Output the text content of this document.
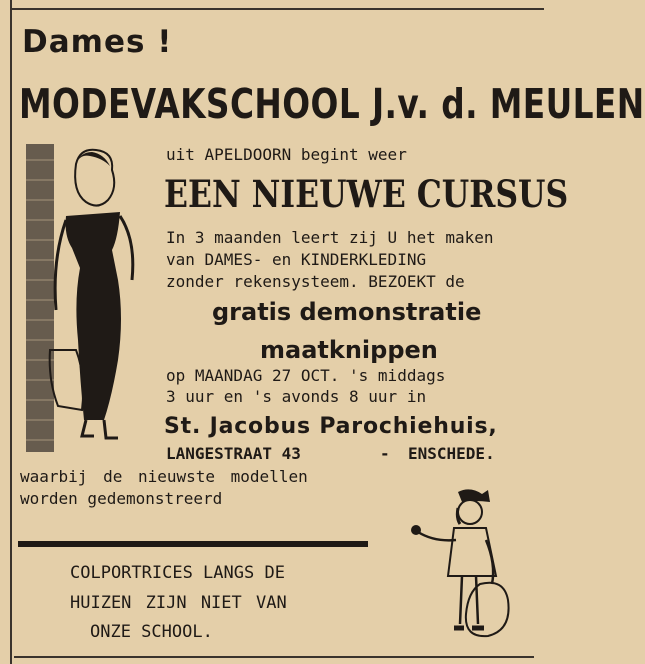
Dames !
MODEVAKSCHOOL J.v. d. MEULEN
uit APELDOORN begint weer
EEN NIEUWE CURSUS
In 3 maanden leert zij U het maken
van DAMES- en KINDERKLEDING
zonder rekensysteem. BEZOEKT de
gratis demonstratie
maatknippen
op MAANDAG 27 OCT. 's middags
3 uur en 's avonds 8 uur in
St. Jacobus Parochiehuis,
LANGESTRAAT 43	- ENSCHEDE.
waarbij de nieuwste modellen
worden gedemonstreerd
COLPORTRICES LANGS DE
HUIZEN ZIJN NIET VAN
ONZE SCHOOL.
